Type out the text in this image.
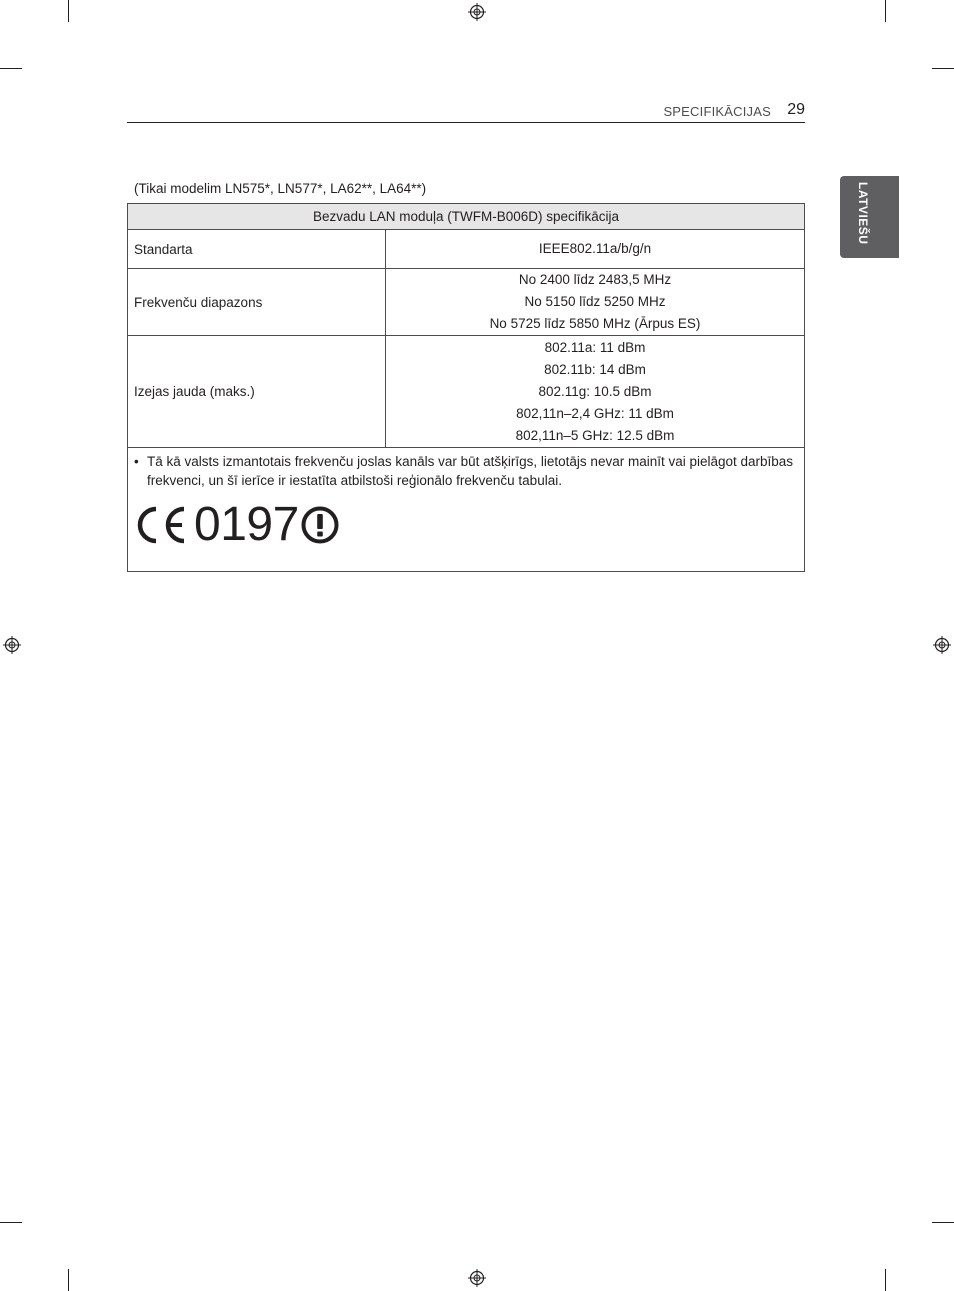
SPECIFIKĀCIJAS 29
LATVIEŠU
(Tikai modelim LN575*, LN577*, LA62**, LA64**)
Bezvadu LAN moduļa (TWFM-B006D) specifikācija	
Standarta	IEEE802.11a/b/g/n

Frekvenču diapazons	No 2400 līdz 2483,5 MHz
No 5150 līdz 5250 MHz
No 5725 līdz 5850 MHz (Ārpus ES)

Izejas jauda (maks.)	802.11a: 11 dBm
802.11b: 14 dBm
802.11g: 10.5 dBm
802,11n–2,4 GHz: 11 dBm
802,11n–5 GHz: 12.5 dBm

• Tā kā valsts izmantotais frekvenču joslas kanāls var būt atšķirīgs, lietotājs nevar mainīt vai pielāgot darbības frekvenci, un šī ierīce ir iestatīta atbilstoši reģionālo frekvenču tabulai.
0197	
